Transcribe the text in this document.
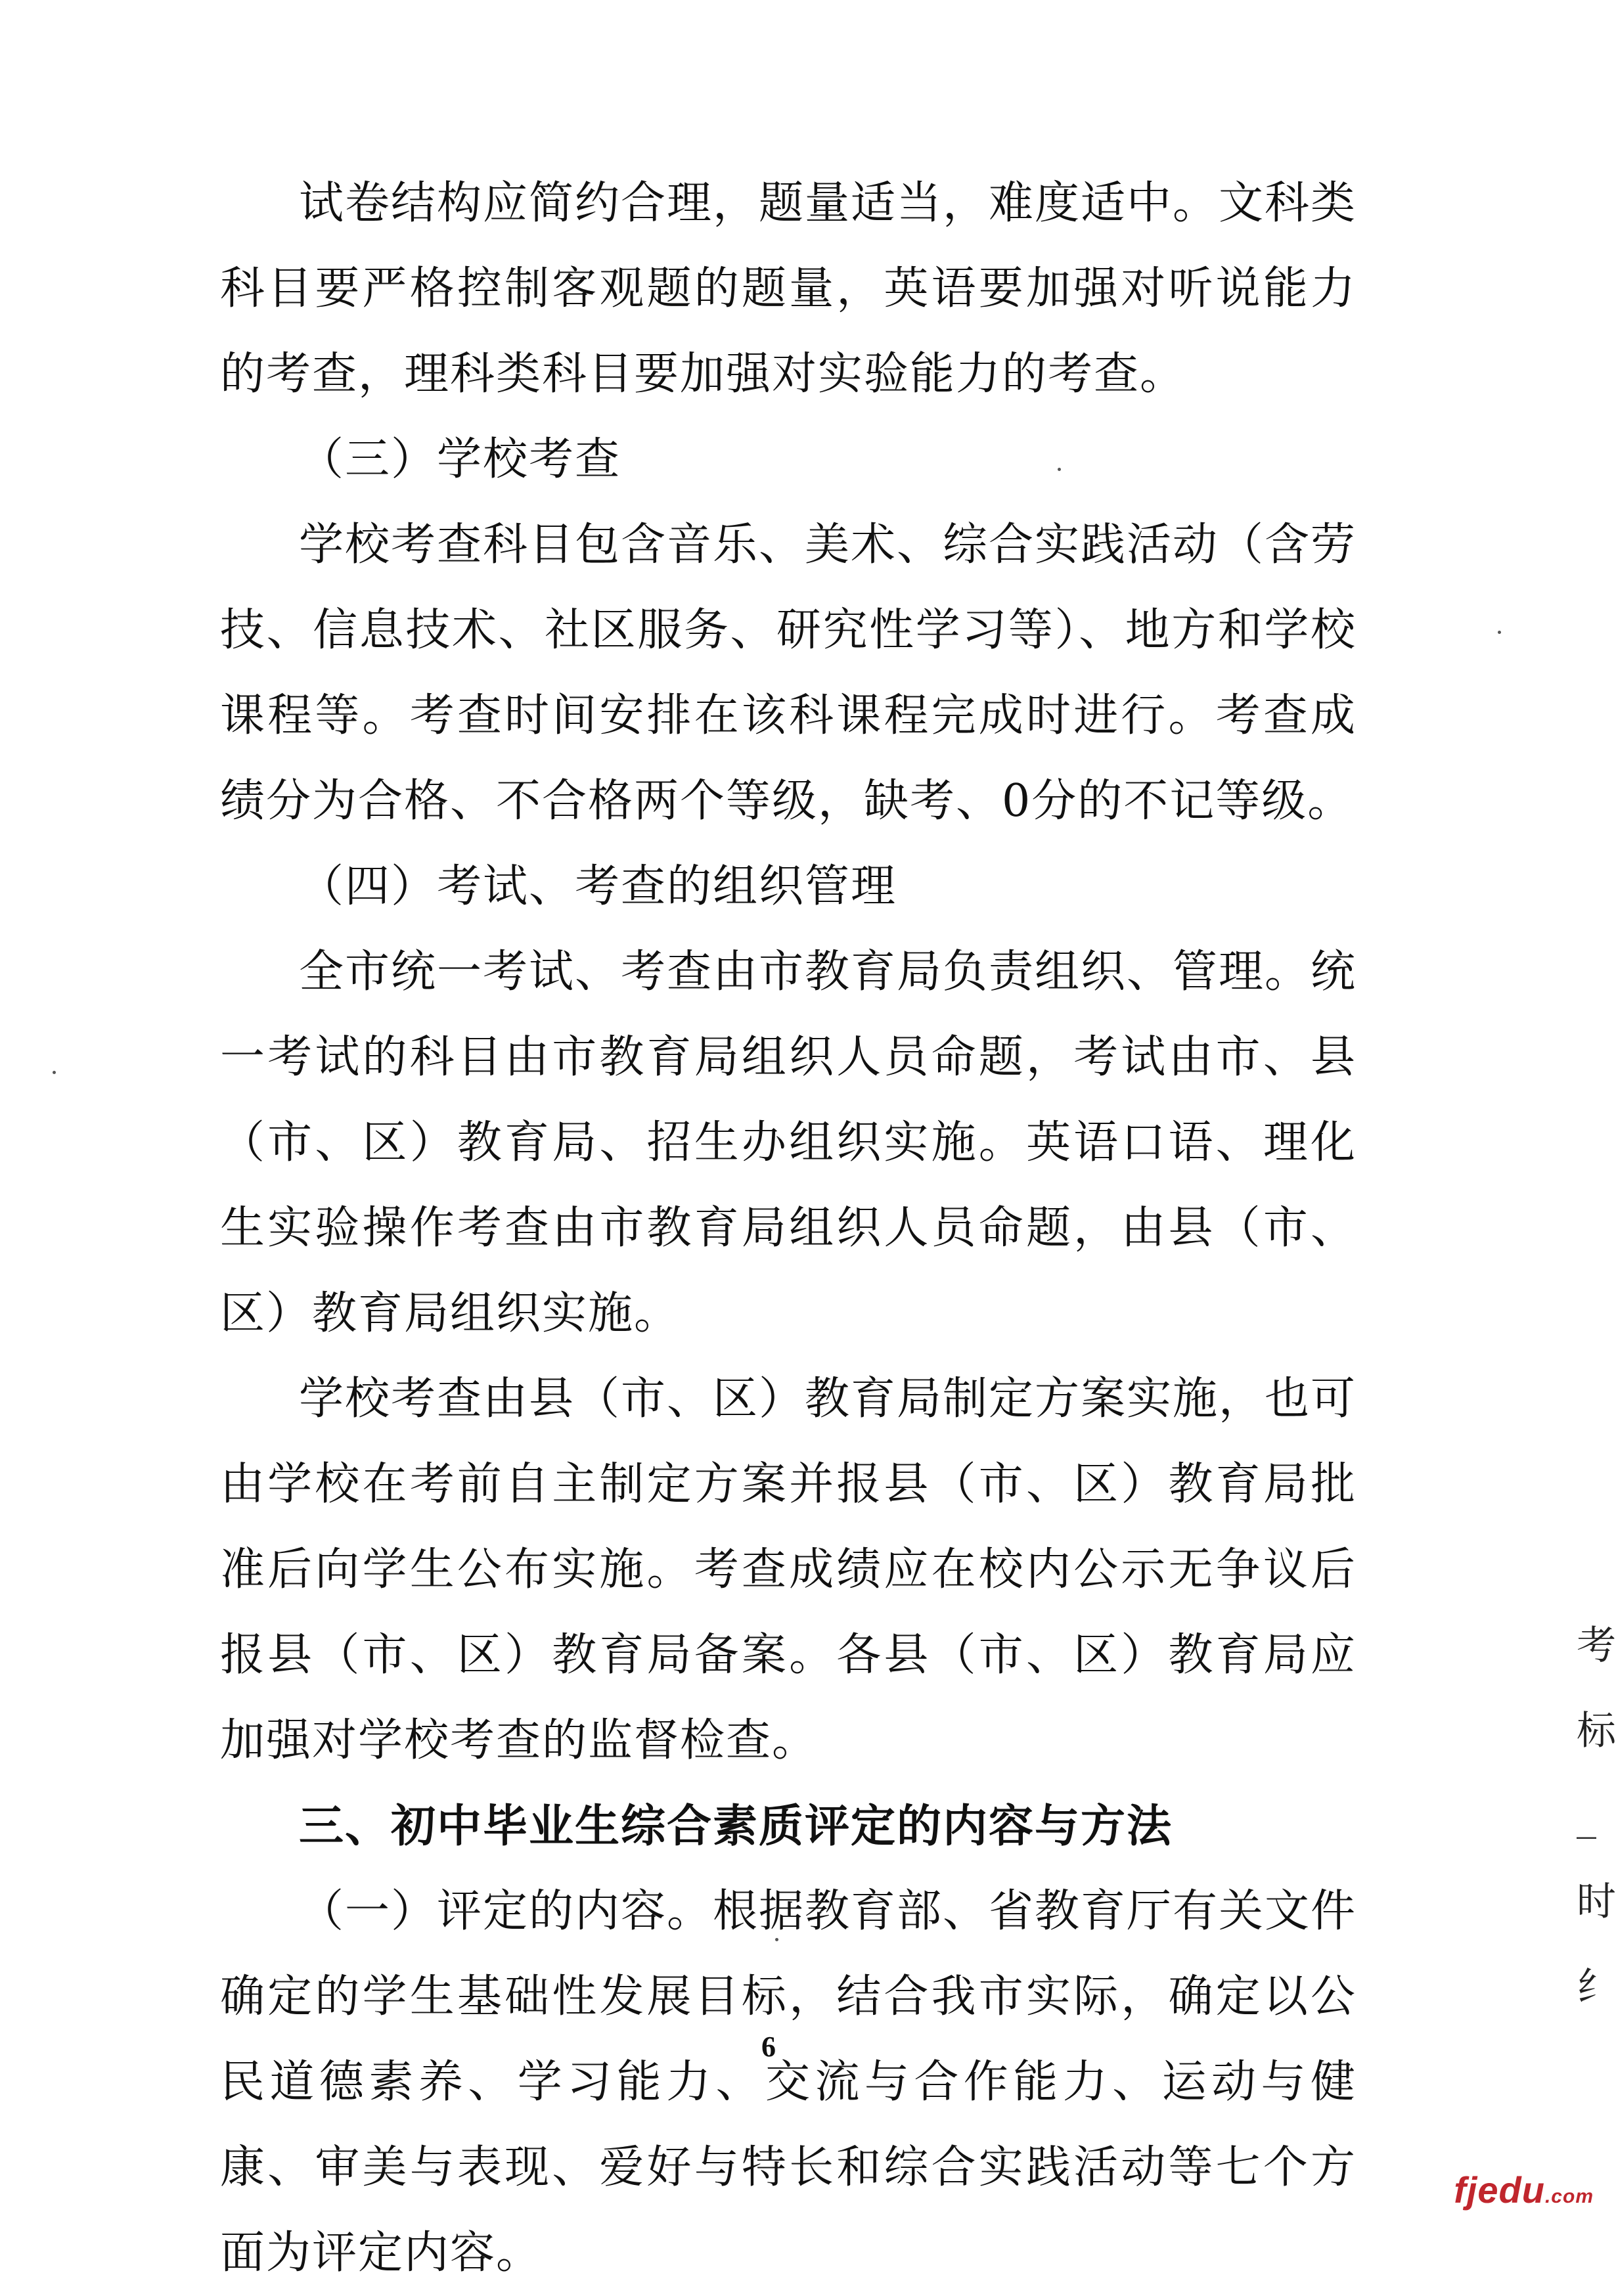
试卷结构应简约合理，题量适当，难度适中。文科类科目要严格控制客观题的题量，英语要加强对听说能力的考查，理科类科目要加强对实验能力的考查。

（三）学校考查

学校考查科目包含音乐、美术、综合实践活动（含劳技、信息技术、社区服务、研究性学习等）、地方和学校课程等。考查时间安排在该科课程完成时进行。考查成绩分为合格、不合格两个等级，缺考、0分的不记等级。

（四）考试、考查的组织管理

全市统一考试、考查由市教育局负责组织、管理。统一考试的科目由市教育局组织人员命题，考试由市、县（市、区）教育局、招生办组织实施。英语口语、理化生实验操作考查由市教育局组织人员命题，由县（市、区）教育局组织实施。

学校考查由县（市、区）教育局制定方案实施，也可由学校在考前自主制定方案并报县（市、区）教育局批准后向学生公布实施。考查成绩应在校内公示无争议后报县（市、区）教育局备案。各县（市、区）教育局应加强对学校考查的监督检查。

三、初中毕业生综合素质评定的内容与方法

（一）评定的内容。根据教育部、省教育厅有关文件确定的学生基础性发展目标，结合我市实际，确定以公民道德素养、学习能力、交流与合作能力、运动与健康、审美与表现、爱好与特长和综合实践活动等七个方面为评定内容。

考
标
_
时
纟
6
fjedu.com
